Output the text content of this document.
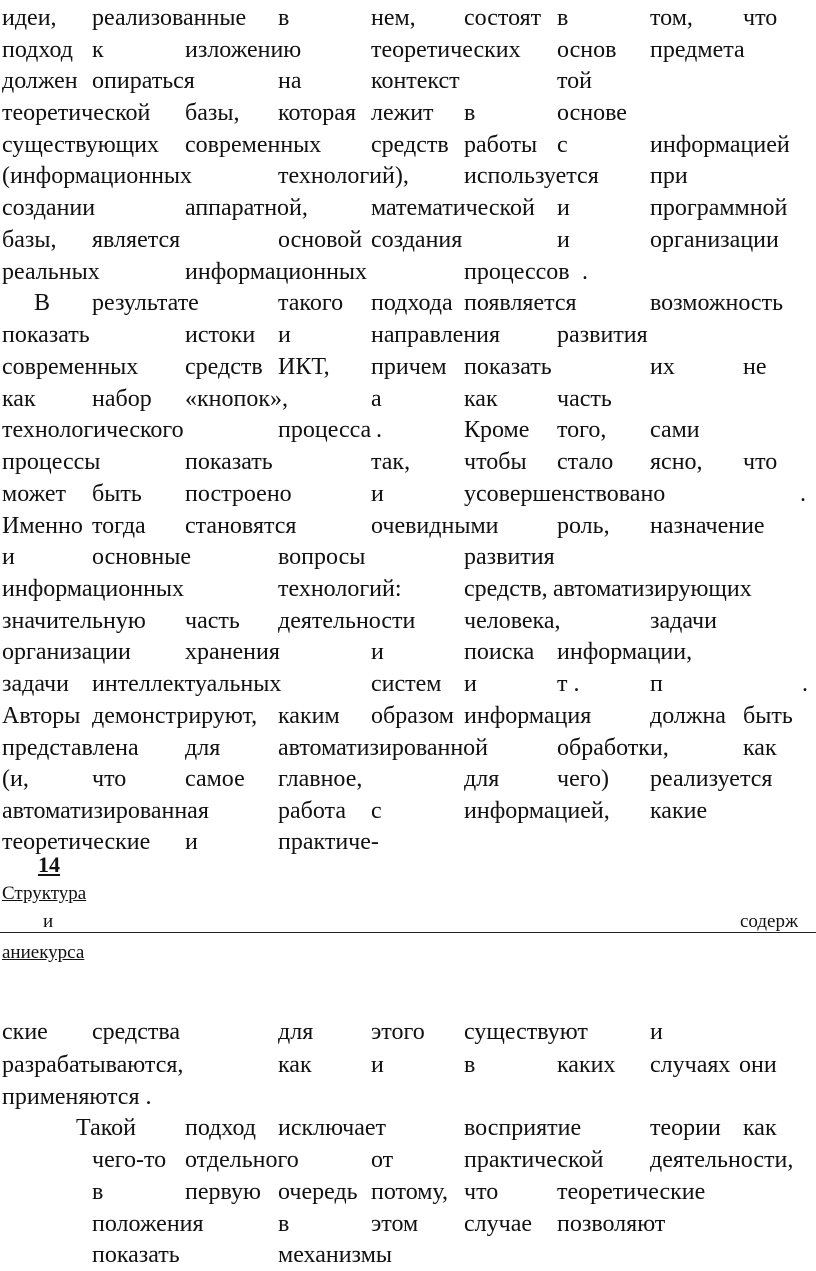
идеи, реализованные в	нем, состоят в	том, что
подход к	изложению	теоретических основ предмета
должен опираться	на	контекст	той
теоретической базы, которая лежит в	основе
существующих современных средств работы с	информацией
(информационных	технологий), используется при
создании	аппаратной,	математической и	программной
базы, является	основой создания	и	организации
реальных	информационных	процессов .
В результате	такого подхода появляется	возможность
показать	истоки и	направления развития
современных средств ИКТ, причем показать	их	не
как набор «кнопок»,	а	как часть
технологического	процесса .	Кроме того, сами
процессы	показать	так, чтобы стало ясно, что
может быть построено	и	усовершенствовано	.
Именно тогда становятся	очевидными роль, назначение
и	основные	вопросы	развития
информационных	технологий:	средств, автоматизирующих
значительную часть деятельности человека,	задачи
организации хранения	и	поиска информации,
задачи интеллектуальных	систем и	т .	п	.
Авторы демонстрируют, каким образом информация должна быть
представлена для автоматизированной	обработки,	как
(и,	что самое главное,	для чего) реализуется
автоматизированная	работа с	информацией, какие
теоретические и	практиче-
14
Структура
и	содерж
аниекурса
ские средства	для этого существуют	и
разрабатываются,	как и	в	каких случаях они
применяются .
Такой подход исключает	восприятие	теории как
чего-то отдельного	от	практической деятельности,
в	первую очередь потому, что теоретические
положения	в	этом случае позволяют
показать	механизмы
